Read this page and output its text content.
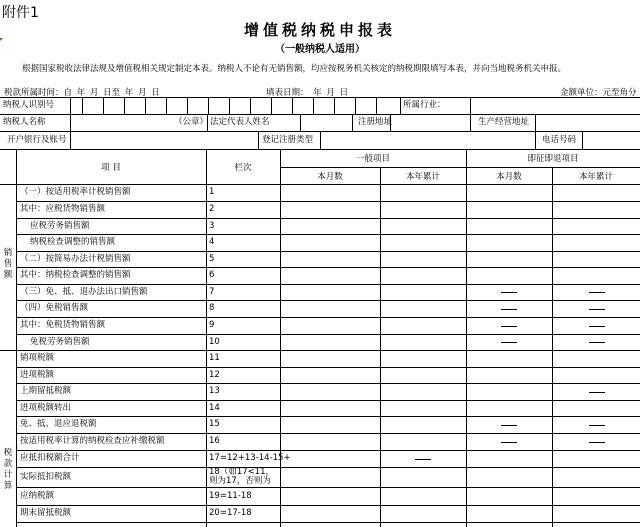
附件1
增值税纳税申报表
（一般纳税人适用）
根据国家税收法律法规及增值税相关规定制定本表。纳税人不论有无销售额，均应按税务机关核定的纳税期限填写本表，并向当地税务机关申报。
税款所属时间：自 年 月 日至 年 月 日	填表日期： 年 月 日	金额单位：元至角分
纳税人识别号	所属行业：
纳税人名称	（公章） 法定代表人姓名	注册地址	生产经营地址
开户银行及账号	登记注册类型	电话号码
项 目	栏次
一般项目	即征即退项目
本月数	本年累计	本月数	本年累计
销售额
税款计算
（一）按适用税率计税销售额	1
其中：应税货物销售额	2
应税劳务销售额	3
纳税检查调整的销售额	4
（二）按简易办法计税销售额	5
其中：纳税检查调整的销售额	6
（三）免、抵、退办法出口销售额	7
（四）免税销售额	8
其中：免税货物销售额	9
免税劳务销售额	10
销项税额	11
进项税额	12
上期留抵税额	13
进项税额转出	14
免、抵、退应退税额	15
按适用税率计算的纳税检查应补缴税额	16
应抵扣税额合计	17=12+13-14-15+
实际抵扣税额	18（如17<11，则为17，否则为
应纳税额	19=11-18
期末留抵税额	20=17-18
